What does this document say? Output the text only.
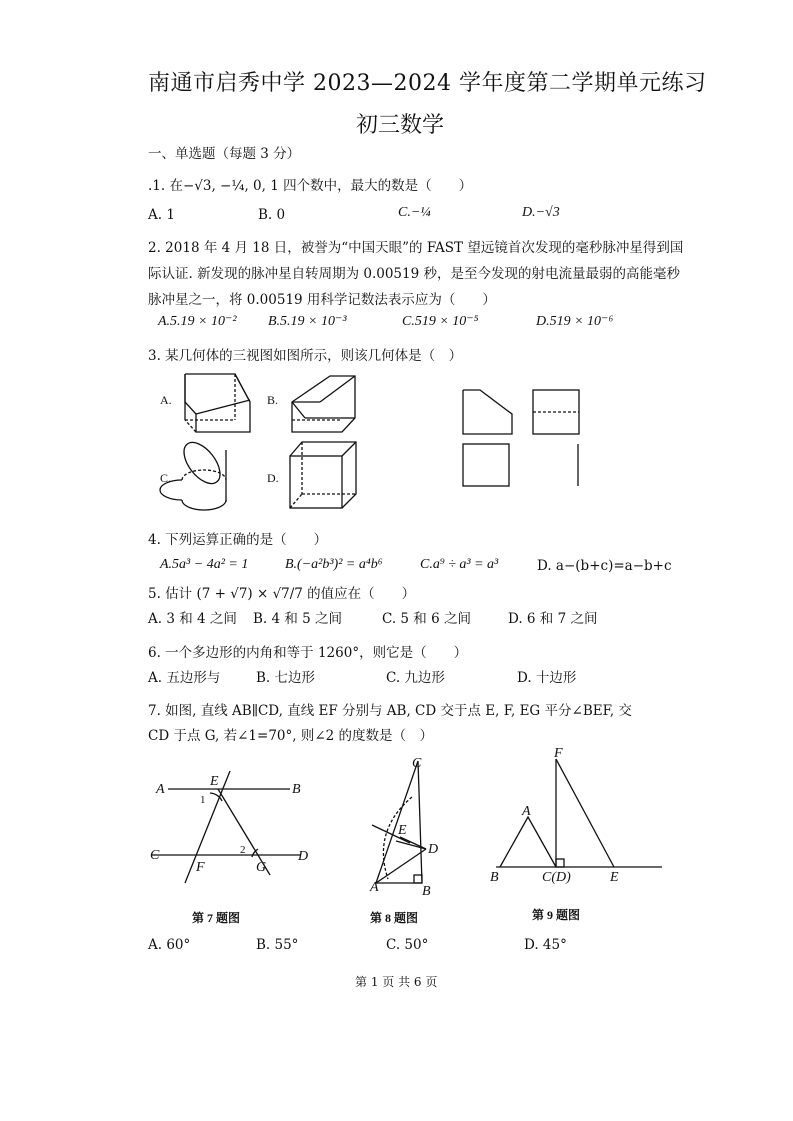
南通市启秀中学 2023—2024 学年度第二学期单元练习
初三数学
一、单选题（每题 3 分）
.1. 在−√3, −¼, 0, 1 四个数中，最大的数是（　　）
A. 1	B. 0	C.−¼	D.−√3
2. 2018 年 4 月 18 日，被誉为“中国天眼”的 FAST 望远镜首次发现的毫秒脉冲星得到国
际认证. 新发现的脉冲星自转周期为 0.00519 秒，是至今发现的射电流量最弱的高能毫秒
脉冲星之一，将 0.00519 用科学记数法表示应为（　　）
A.5.19 × 10⁻² B.5.19 × 10⁻³	C.519 × 10⁻⁵	D.519 × 10⁻⁶
3. 某几何体的三视图如图所示，则该几何体是（　）
A.	B.
C.	D.
4. 下列运算正确的是（　　）
A.5a³ − 4a² = 1	B.(−a²b³)² = a⁴b⁶	C.a⁹ ÷ a³ = a³	D. a−(b+c)=a−b+c
5. 估计 (7 + √7) × √7/7 的值应在（　　）
A. 3 和 4 之间 B. 4 和 5 之间	C. 5 和 6 之间	D. 6 和 7 之间
6. 一个多边形的内角和等于 1260°，则它是（　　）
A. 五边形与	B. 七边形	C. 九边形	D. 十边形
7. 如图, 直线 AB∥CD, 直线 EF 分别与 AB, CD 交于点 E, F, EG 平分∠BEF, 交
CD 于点 G, 若∠1=70°, 则∠2 的度数是（　）
A
E
B
1
C
F
2
G
D
C
E
D
A	B
F
A
B	C(D)	E
第 7 题图	第 8 题图	第 9 题图
A. 60°	B. 55°	C. 50°	D. 45°
第 1 页 共 6 页
